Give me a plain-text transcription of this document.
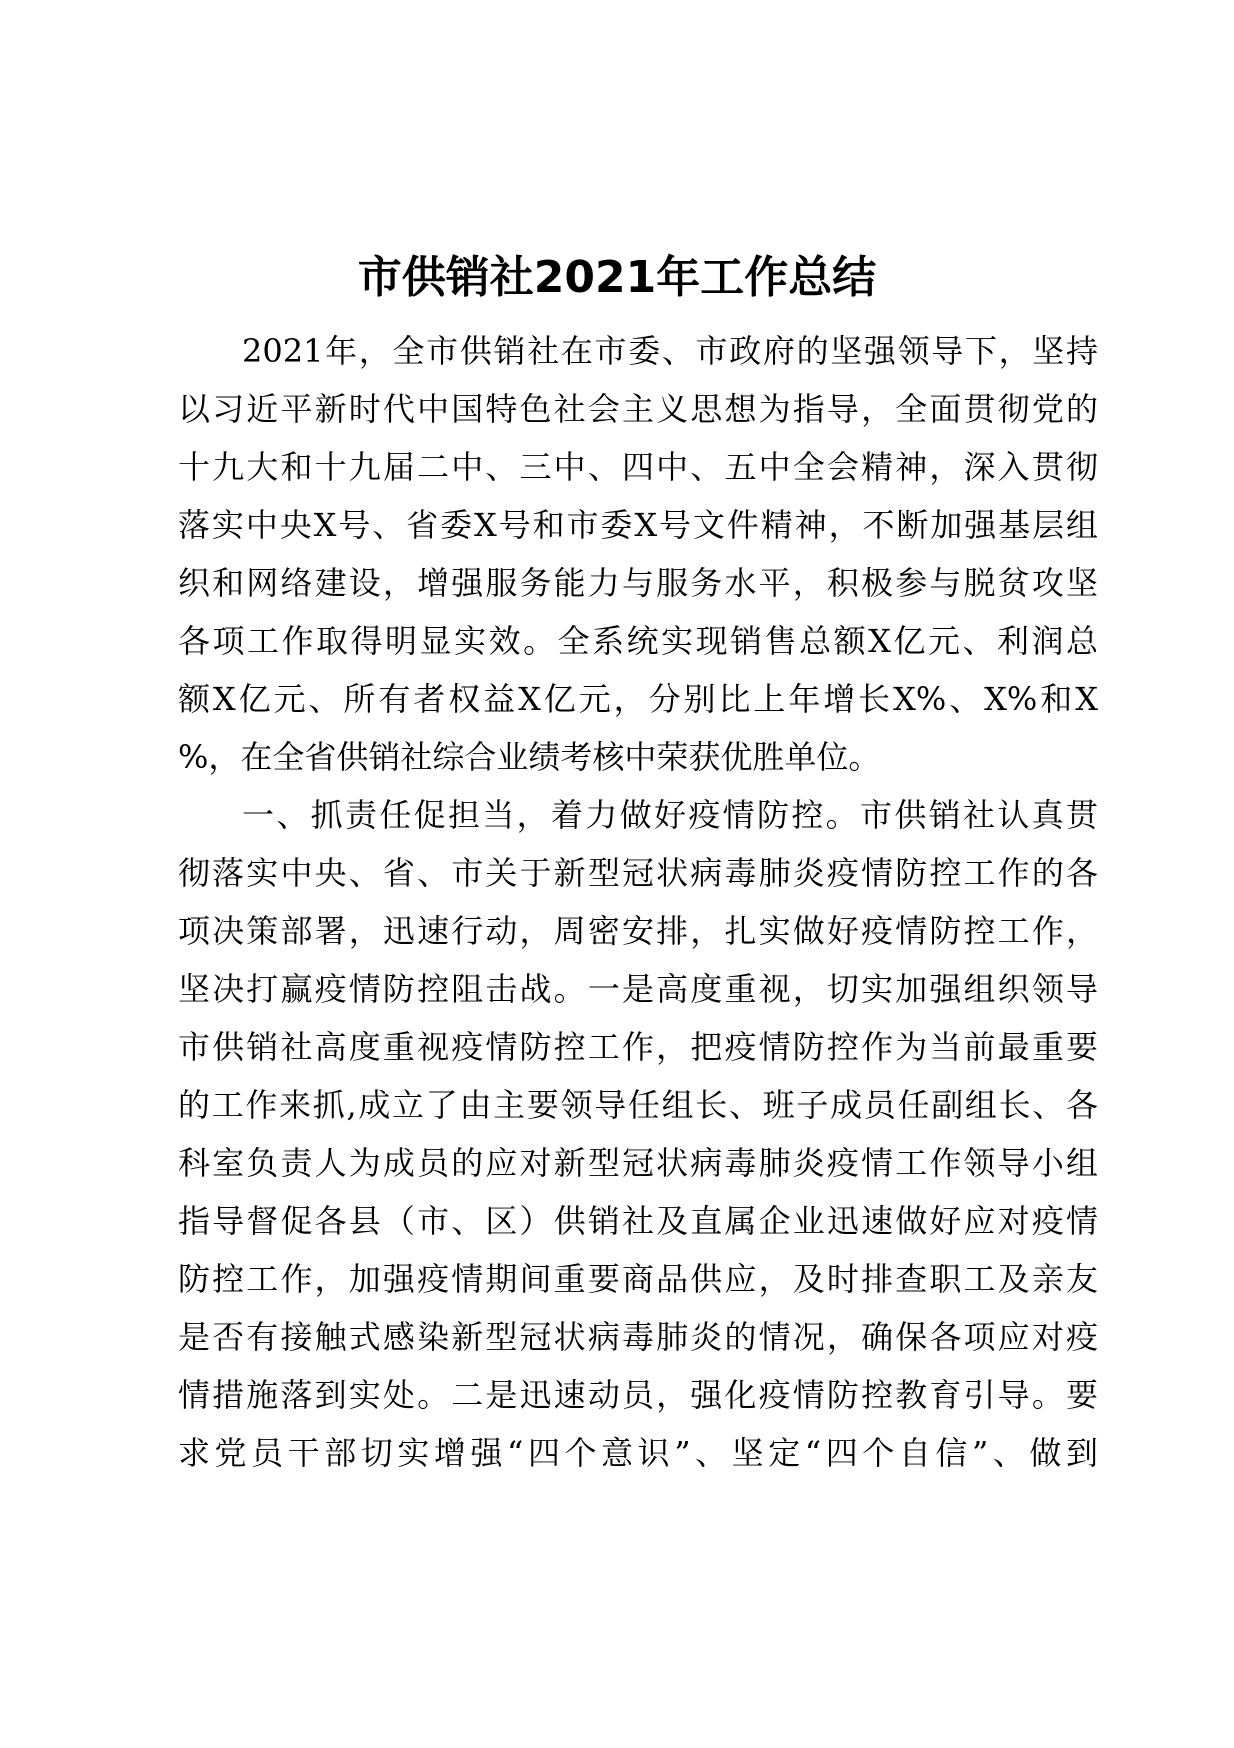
市供销社2021年工作总结
2021年，全市供销社在市委、市政府的坚强领导下，坚持
以习近平新时代中国特色社会主义思想为指导，全面贯彻党的
十九大和十九届二中、三中、四中、五中全会精神，深入贯彻
落实中央X号、省委X号和市委X号文件精神，不断加强基层组
织和网络建设，增强服务能力与服务水平，积极参与脱贫攻坚
各项工作取得明显实效。全系统实现销售总额X亿元、利润总
额X亿元、所有者权益X亿元，分别比上年增长X%、X%和X
%，在全省供销社综合业绩考核中荣获优胜单位。
一、抓责任促担当，着力做好疫情防控。市供销社认真贯
彻落实中央、省、市关于新型冠状病毒肺炎疫情防控工作的各
项决策部署，迅速行动，周密安排，扎实做好疫情防控工作，
坚决打赢疫情防控阻击战。一是高度重视，切实加强组织领导
市供销社高度重视疫情防控工作，把疫情防控作为当前最重要
的工作来抓,成立了由主要领导任组长、班子成员任副组长、各
科室负责人为成员的应对新型冠状病毒肺炎疫情工作领导小组
指导督促各县（市、区）供销社及直属企业迅速做好应对疫情
防控工作，加强疫情期间重要商品供应，及时排查职工及亲友
是否有接触式感染新型冠状病毒肺炎的情况，确保各项应对疫
情措施落到实处。二是迅速动员，强化疫情防控教育引导。要
求党员干部切实增强“四个意识”、坚定“四个自信”、做到
